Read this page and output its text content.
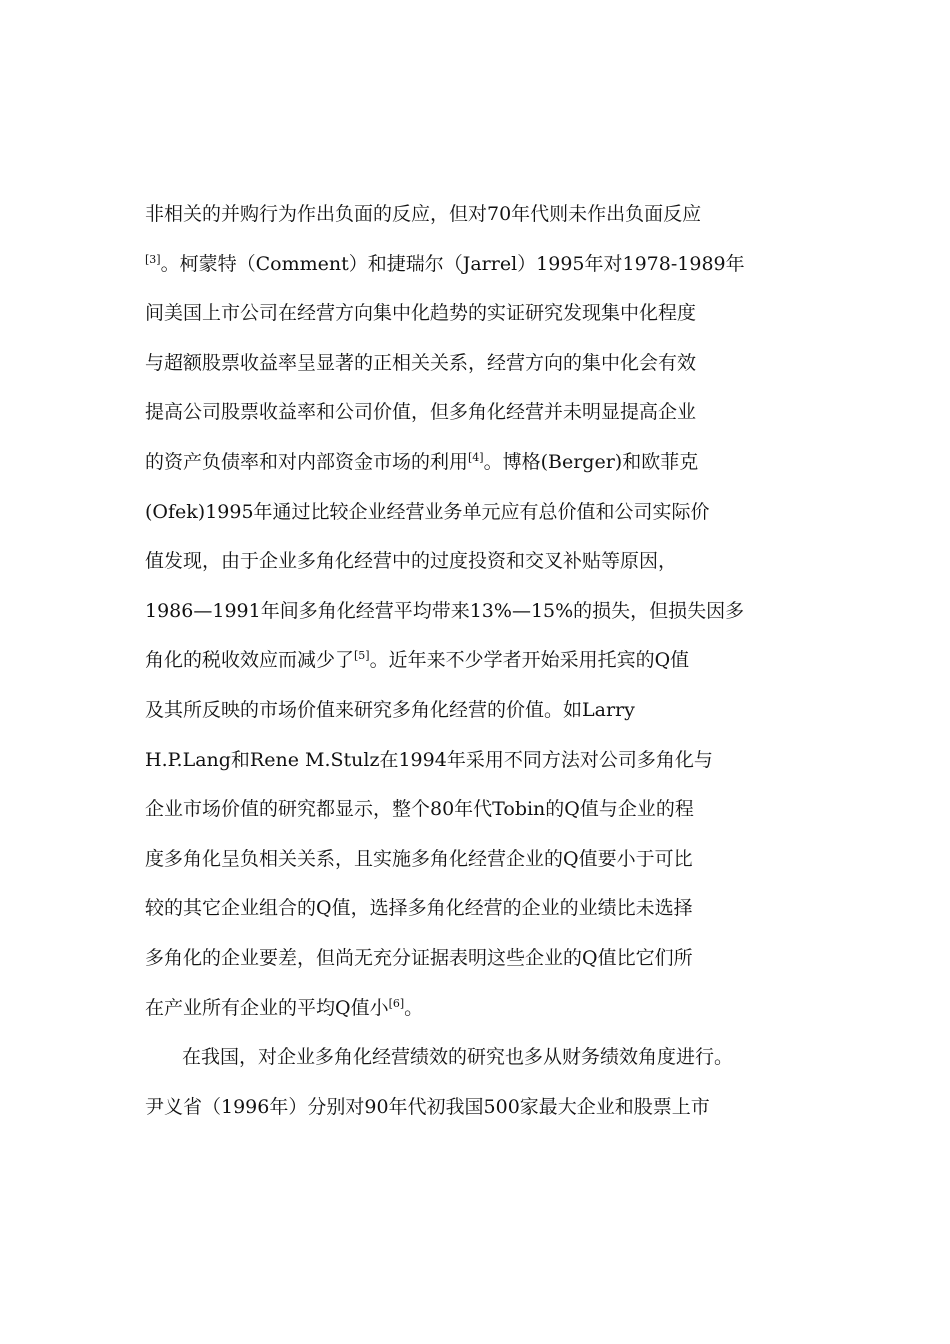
非相关的并购行为作出负面的反应，但对70年代则未作出负面反应
[3]。柯蒙特（Comment）和捷瑞尔（Jarrel）1995年对1978-1989年
间美国上市公司在经营方向集中化趋势的实证研究发现集中化程度
与超额股票收益率呈显著的正相关关系，经营方向的集中化会有效
提高公司股票收益率和公司价值，但多角化经营并未明显提高企业
的资产负债率和对内部资金市场的利用[4]。博格(Berger)和欧菲克
(Ofek)1995年通过比较企业经营业务单元应有总价值和公司实际价
值发现，由于企业多角化经营中的过度投资和交叉补贴等原因，
1986—1991年间多角化经营平均带来13%—15%的损失，但损失因多
角化的税收效应而减少了[5]。近年来不少学者开始采用托宾的Q值
及其所反映的市场价值来研究多角化经营的价值。如Larry
H.P.Lang和Rene M.Stulz在1994年采用不同方法对公司多角化与
企业市场价值的研究都显示，整个80年代Tobin的Q值与企业的程
度多角化呈负相关关系，且实施多角化经营企业的Q值要小于可比
较的其它企业组合的Q值，选择多角化经营的企业的业绩比未选择
多角化的企业要差，但尚无充分证据表明这些企业的Q值比它们所
在产业所有企业的平均Q值小[6]。
在我国，对企业多角化经营绩效的研究也多从财务绩效角度进行。
尹义省（1996年）分别对90年代初我国500家最大企业和股票上市
